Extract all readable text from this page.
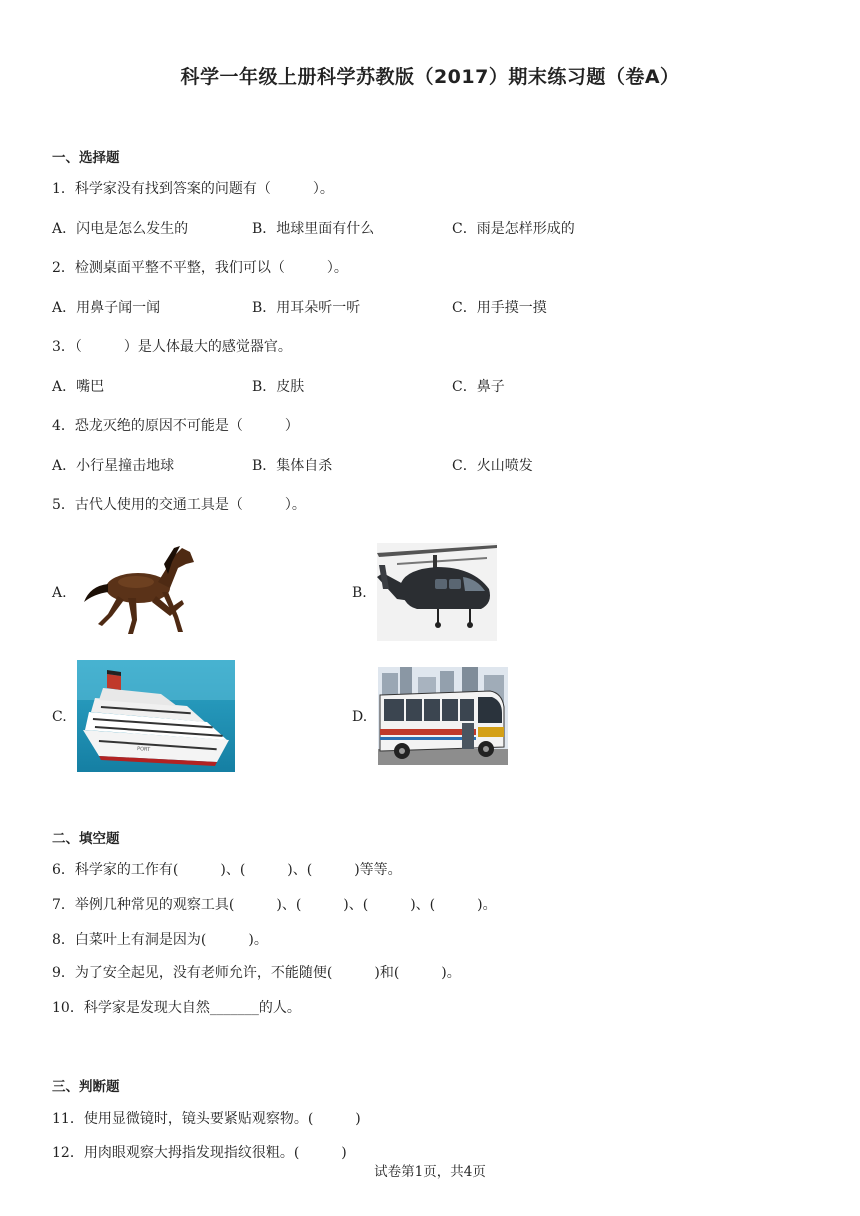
科学一年级上册科学苏教版（2017）期末练习题（卷A）
一、选择题
1．科学家没有找到答案的问题有（　　　）。
A．闪电是怎么发生的	B．地球里面有什么	C．雨是怎样形成的
2．检测桌面平整不平整，我们可以（　　　）。
A．用鼻子闻一闻	B．用耳朵听一听	C．用手摸一摸
3．（　　　）是人体最大的感觉器官。
A．嘴巴	B．皮肤	C．鼻子
4．恐龙灭绝的原因不可能是（　　　）
A．小行星撞击地球	B．集体自杀	C．火山喷发
5．古代人使用的交通工具是（　　　）。
A.	B.
C.
PORT
D.
二、填空题
6．科学家的工作有(　　　)、(　　　)、(　　　)等等。
7．举例几种常见的观察工具(　　　)、(　　　)、(　　　)、(　　　)。
8．白菜叶上有洞是因为(　　　)。
9．为了安全起见，没有老师允许，不能随便(　　　)和(　　　)。
10．科学家是发现大自然_______的人。
三、判断题
11．使用显微镜时，镜头要紧贴观察物。(　　　)
12．用肉眼观察大拇指发现指纹很粗。(　　　)
试卷第1页，共4页
